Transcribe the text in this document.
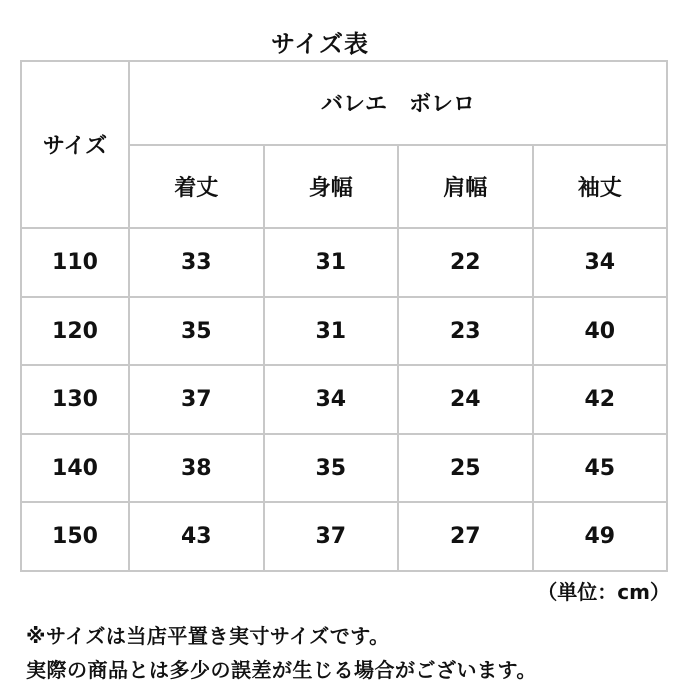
サイズ表
サイズ	バレエ　ボレロ			
	着丈	身幅	肩幅	袖丈
110	33	31	22	34
120	35	31	23	40
130	37	34	24	42
140	38	35	25	45
150	43	37	27	49
（単位：cm）
※サイズは当店平置き実寸サイズです。
実際の商品とは多少の誤差が生じる場合がございます。
